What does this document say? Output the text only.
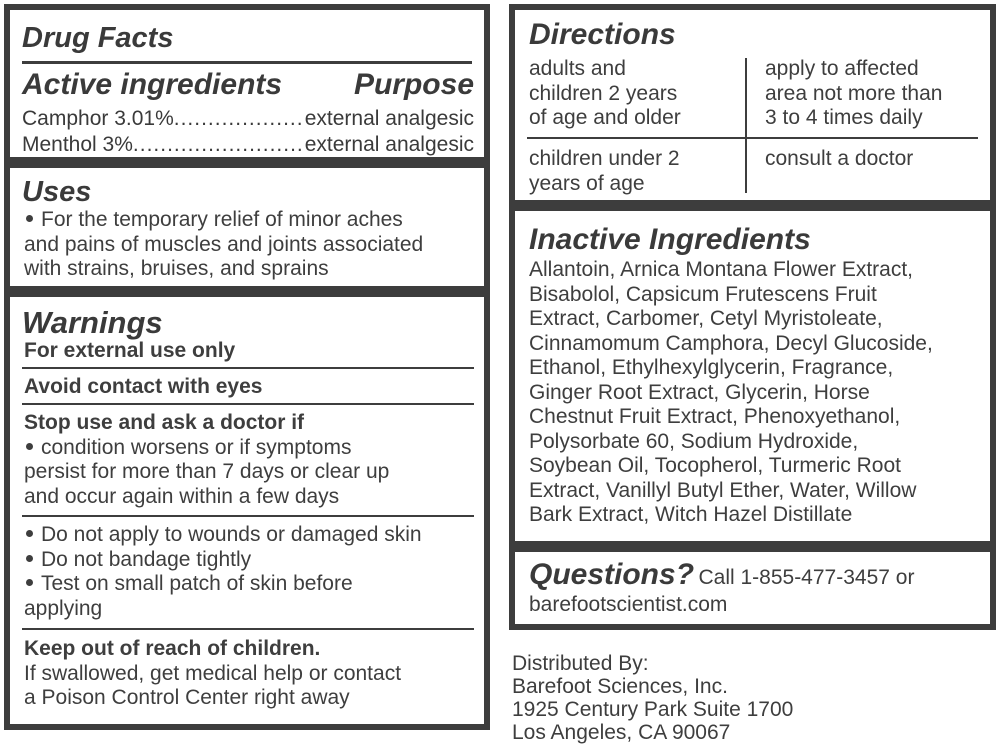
Drug Facts
Active ingredients Purpose
Camphor 3.01% .....	external analgesic
Menthol 3% .....	external analgesic
Uses
For the temporary relief of minor aches
and pains of muscles and joints associated
with strains, bruises, and sprains
Warnings
For external use only
Avoid contact with eyes
Stop use and ask a doctor if
condition worsens or if symptoms
persist for more than 7 days or clear up
and occur again within a few days
Do not apply to wounds or damaged skin
Do not bandage tightly
Test on small patch of skin before
applying
Keep out of reach of children.
If swallowed, get medical help or contact
a Poison Control Center right away
Directions
adults and
children 2 years
of age and older
apply to affected
area not more than
3 to 4 times daily
children under 2
years of age
consult a doctor
Inactive Ingredients
Allantoin, Arnica Montana Flower Extract,
Bisabolol, Capsicum Frutescens Fruit
Extract, Carbomer, Cetyl Myristoleate,
Cinnamomum Camphora, Decyl Glucoside,
Ethanol, Ethylhexylglycerin, Fragrance,
Ginger Root Extract, Glycerin, Horse
Chestnut Fruit Extract, Phenoxyethanol,
Polysorbate 60, Sodium Hydroxide,
Soybean Oil, Tocopherol, Turmeric Root
Extract, Vanillyl Butyl Ether, Water, Willow
Bark Extract, Witch Hazel Distillate
Questions? Call 1-855-477-3457 or
barefootscientist.com
Distributed By:
Barefoot Sciences, Inc.
1925 Century Park Suite 1700
Los Angeles, CA 90067
